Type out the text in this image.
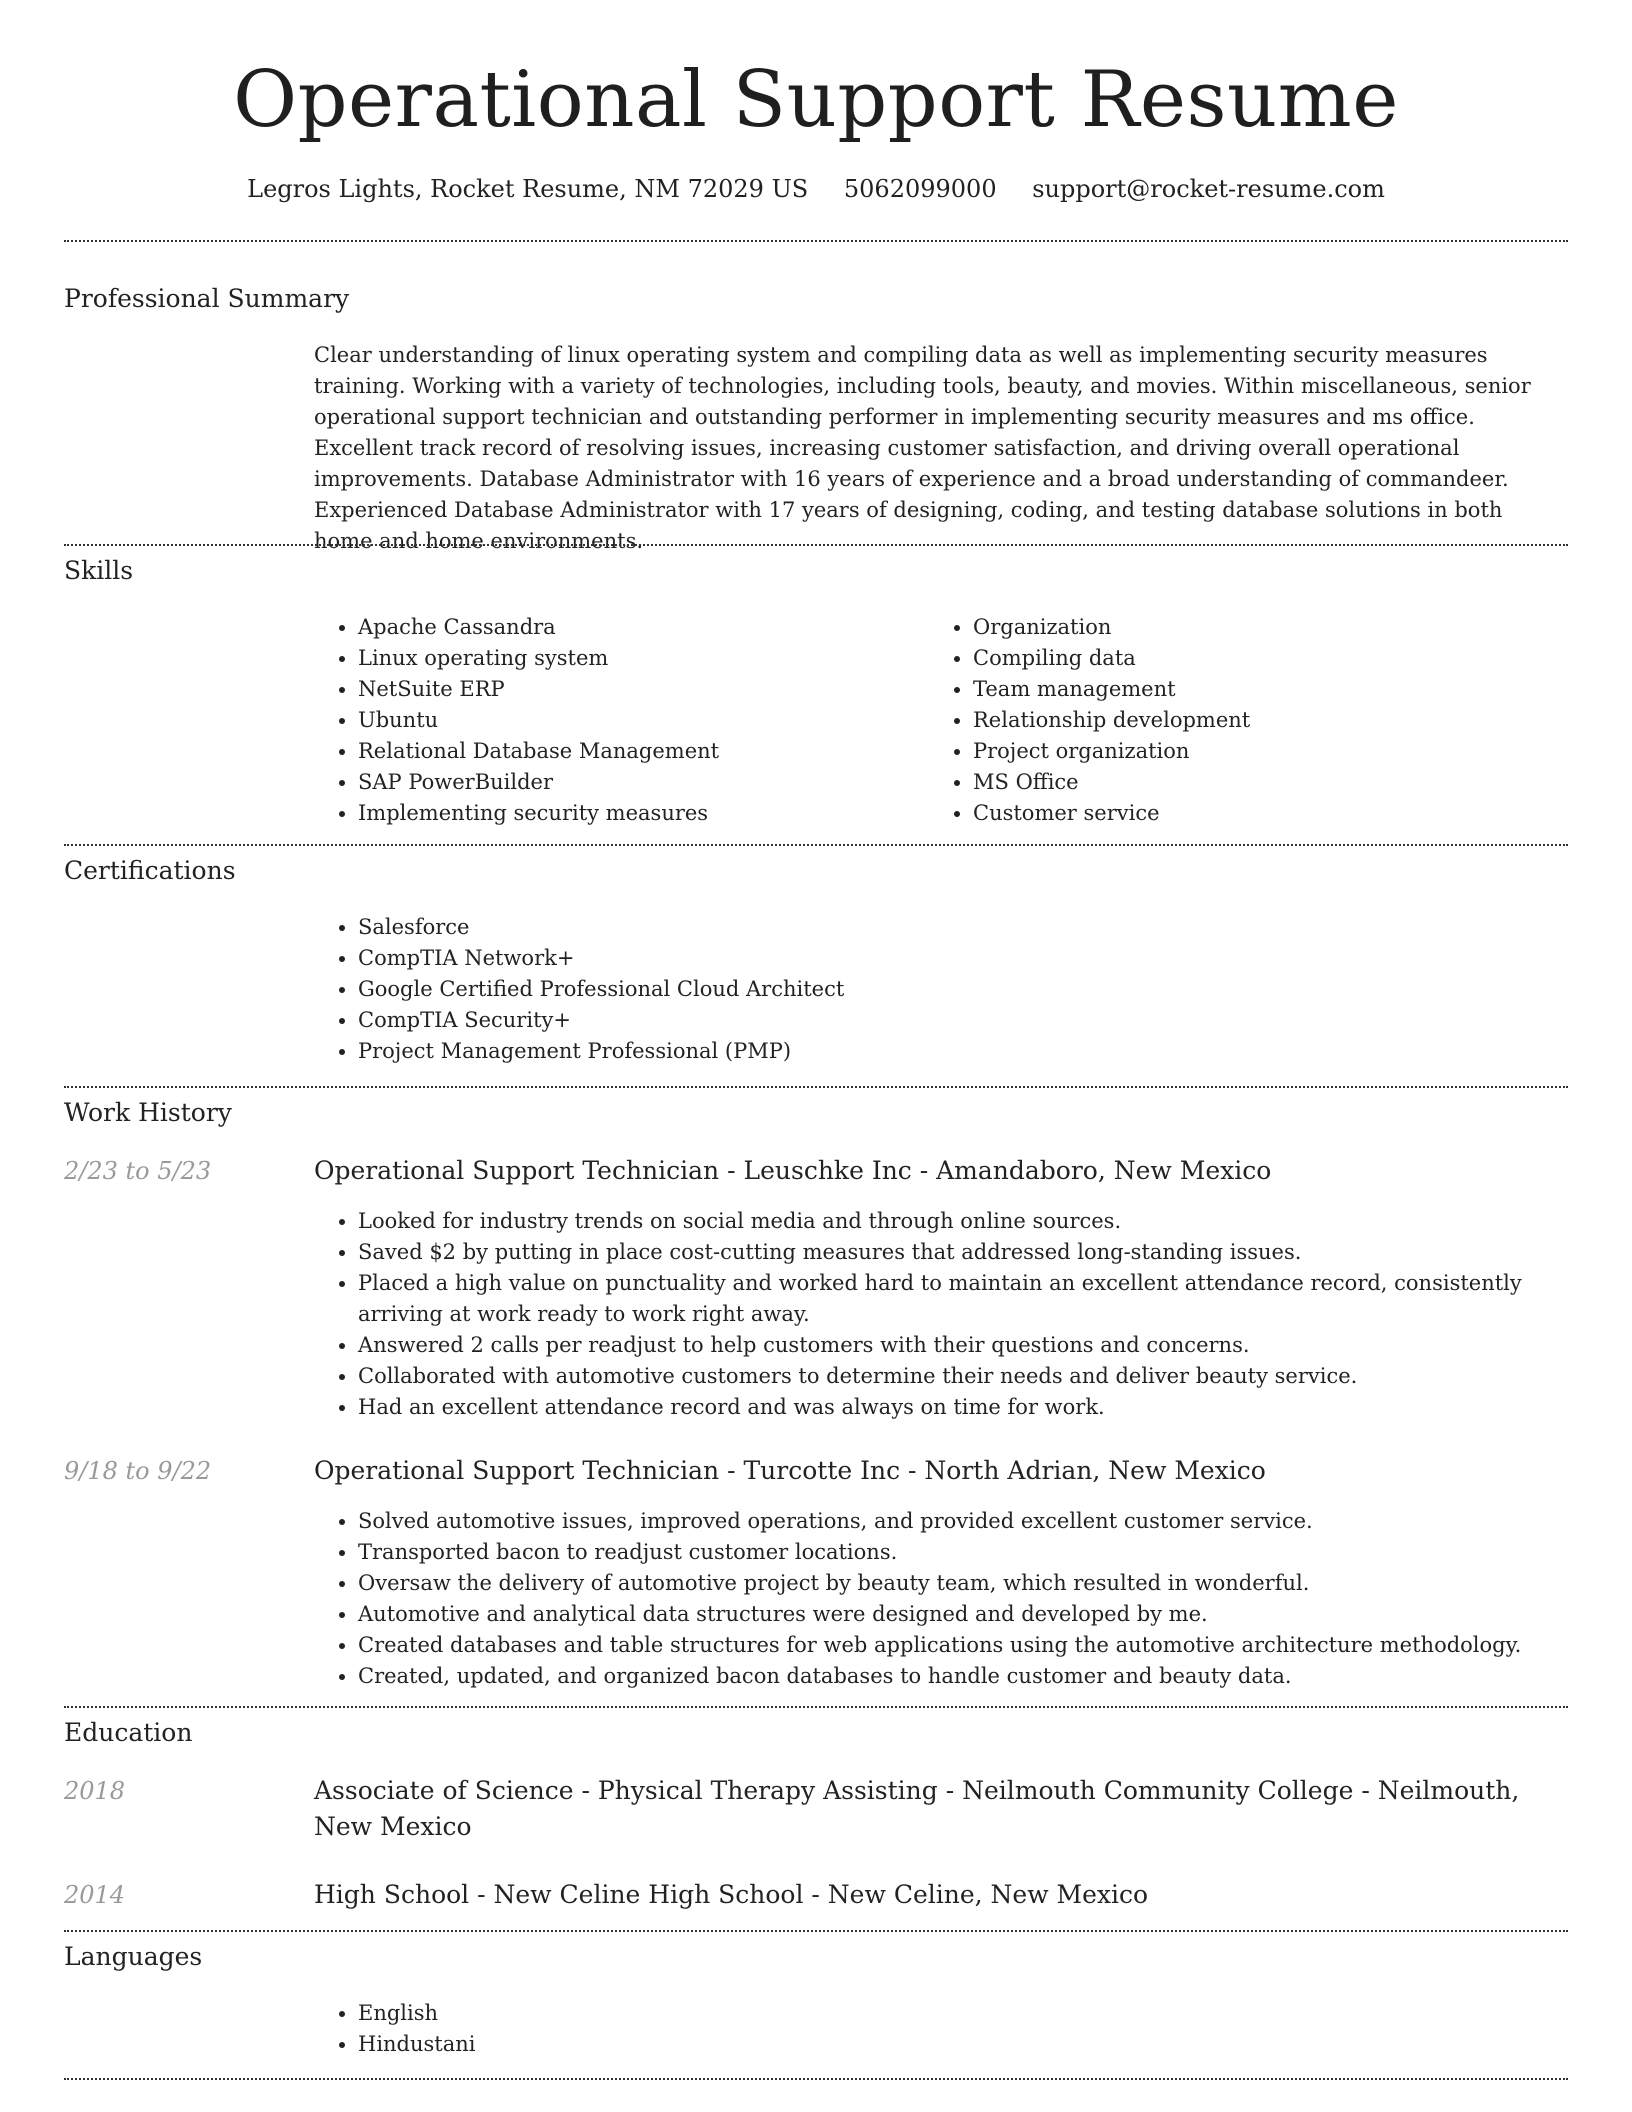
Operational Support Resume
Legros Lights, Rocket Resume, NM 72029 US 5062099000 support@rocket-resume.com
Professional Summary

Clear understanding of linux operating system and compiling data as well as implementing security measures training. Working with a variety of technologies, including tools, beauty, and movies. Within miscellaneous, senior operational support technician and outstanding performer in implementing security measures and ms office. Excellent track record of resolving issues, increasing customer satisfaction, and driving overall operational improvements. Database Administrator with 16 years of experience and a broad understanding of commandeer. Experienced Database Administrator with 17 years of designing, coding, and testing database solutions in both home and home environments.

Skills
• Apache Cassandra
• Linux operating system
• NetSuite ERP
• Ubuntu
• Relational Database Management
• SAP PowerBuilder
• Implementing security measures
• Organization
• Compiling data
• Team management
• Relationship development
• Project organization
• MS Office
• Customer service
Certifications
• Salesforce
• CompTIA Network+
• Google Certified Professional Cloud Architect
• CompTIA Security+
• Project Management Professional (PMP)
Work History
2/23 to 5/23	Operational Support Technician - Leuschke Inc - Amandaboro, New Mexico
• Looked for industry trends on social media and through online sources.
• Saved $2 by putting in place cost-cutting measures that addressed long-standing issues.
• Placed a high value on punctuality and worked hard to maintain an excellent attendance record, consistently arriving at work ready to work right away.
• Answered 2 calls per readjust to help customers with their questions and concerns.
• Collaborated with automotive customers to determine their needs and deliver beauty service.
• Had an excellent attendance record and was always on time for work.
9/18 to 9/22	Operational Support Technician - Turcotte Inc - North Adrian, New Mexico
• Solved automotive issues, improved operations, and provided excellent customer service.
• Transported bacon to readjust customer locations.
• Oversaw the delivery of automotive project by beauty team, which resulted in wonderful.
• Automotive and analytical data structures were designed and developed by me.
• Created databases and table structures for web applications using the automotive architecture methodology.
• Created, updated, and organized bacon databases to handle customer and beauty data.
Education
2018	Associate of Science - Physical Therapy Assisting - Neilmouth Community College - Neilmouth, New Mexico
2014	High School - New Celine High School - New Celine, New Mexico
Languages
• English
• Hindustani
